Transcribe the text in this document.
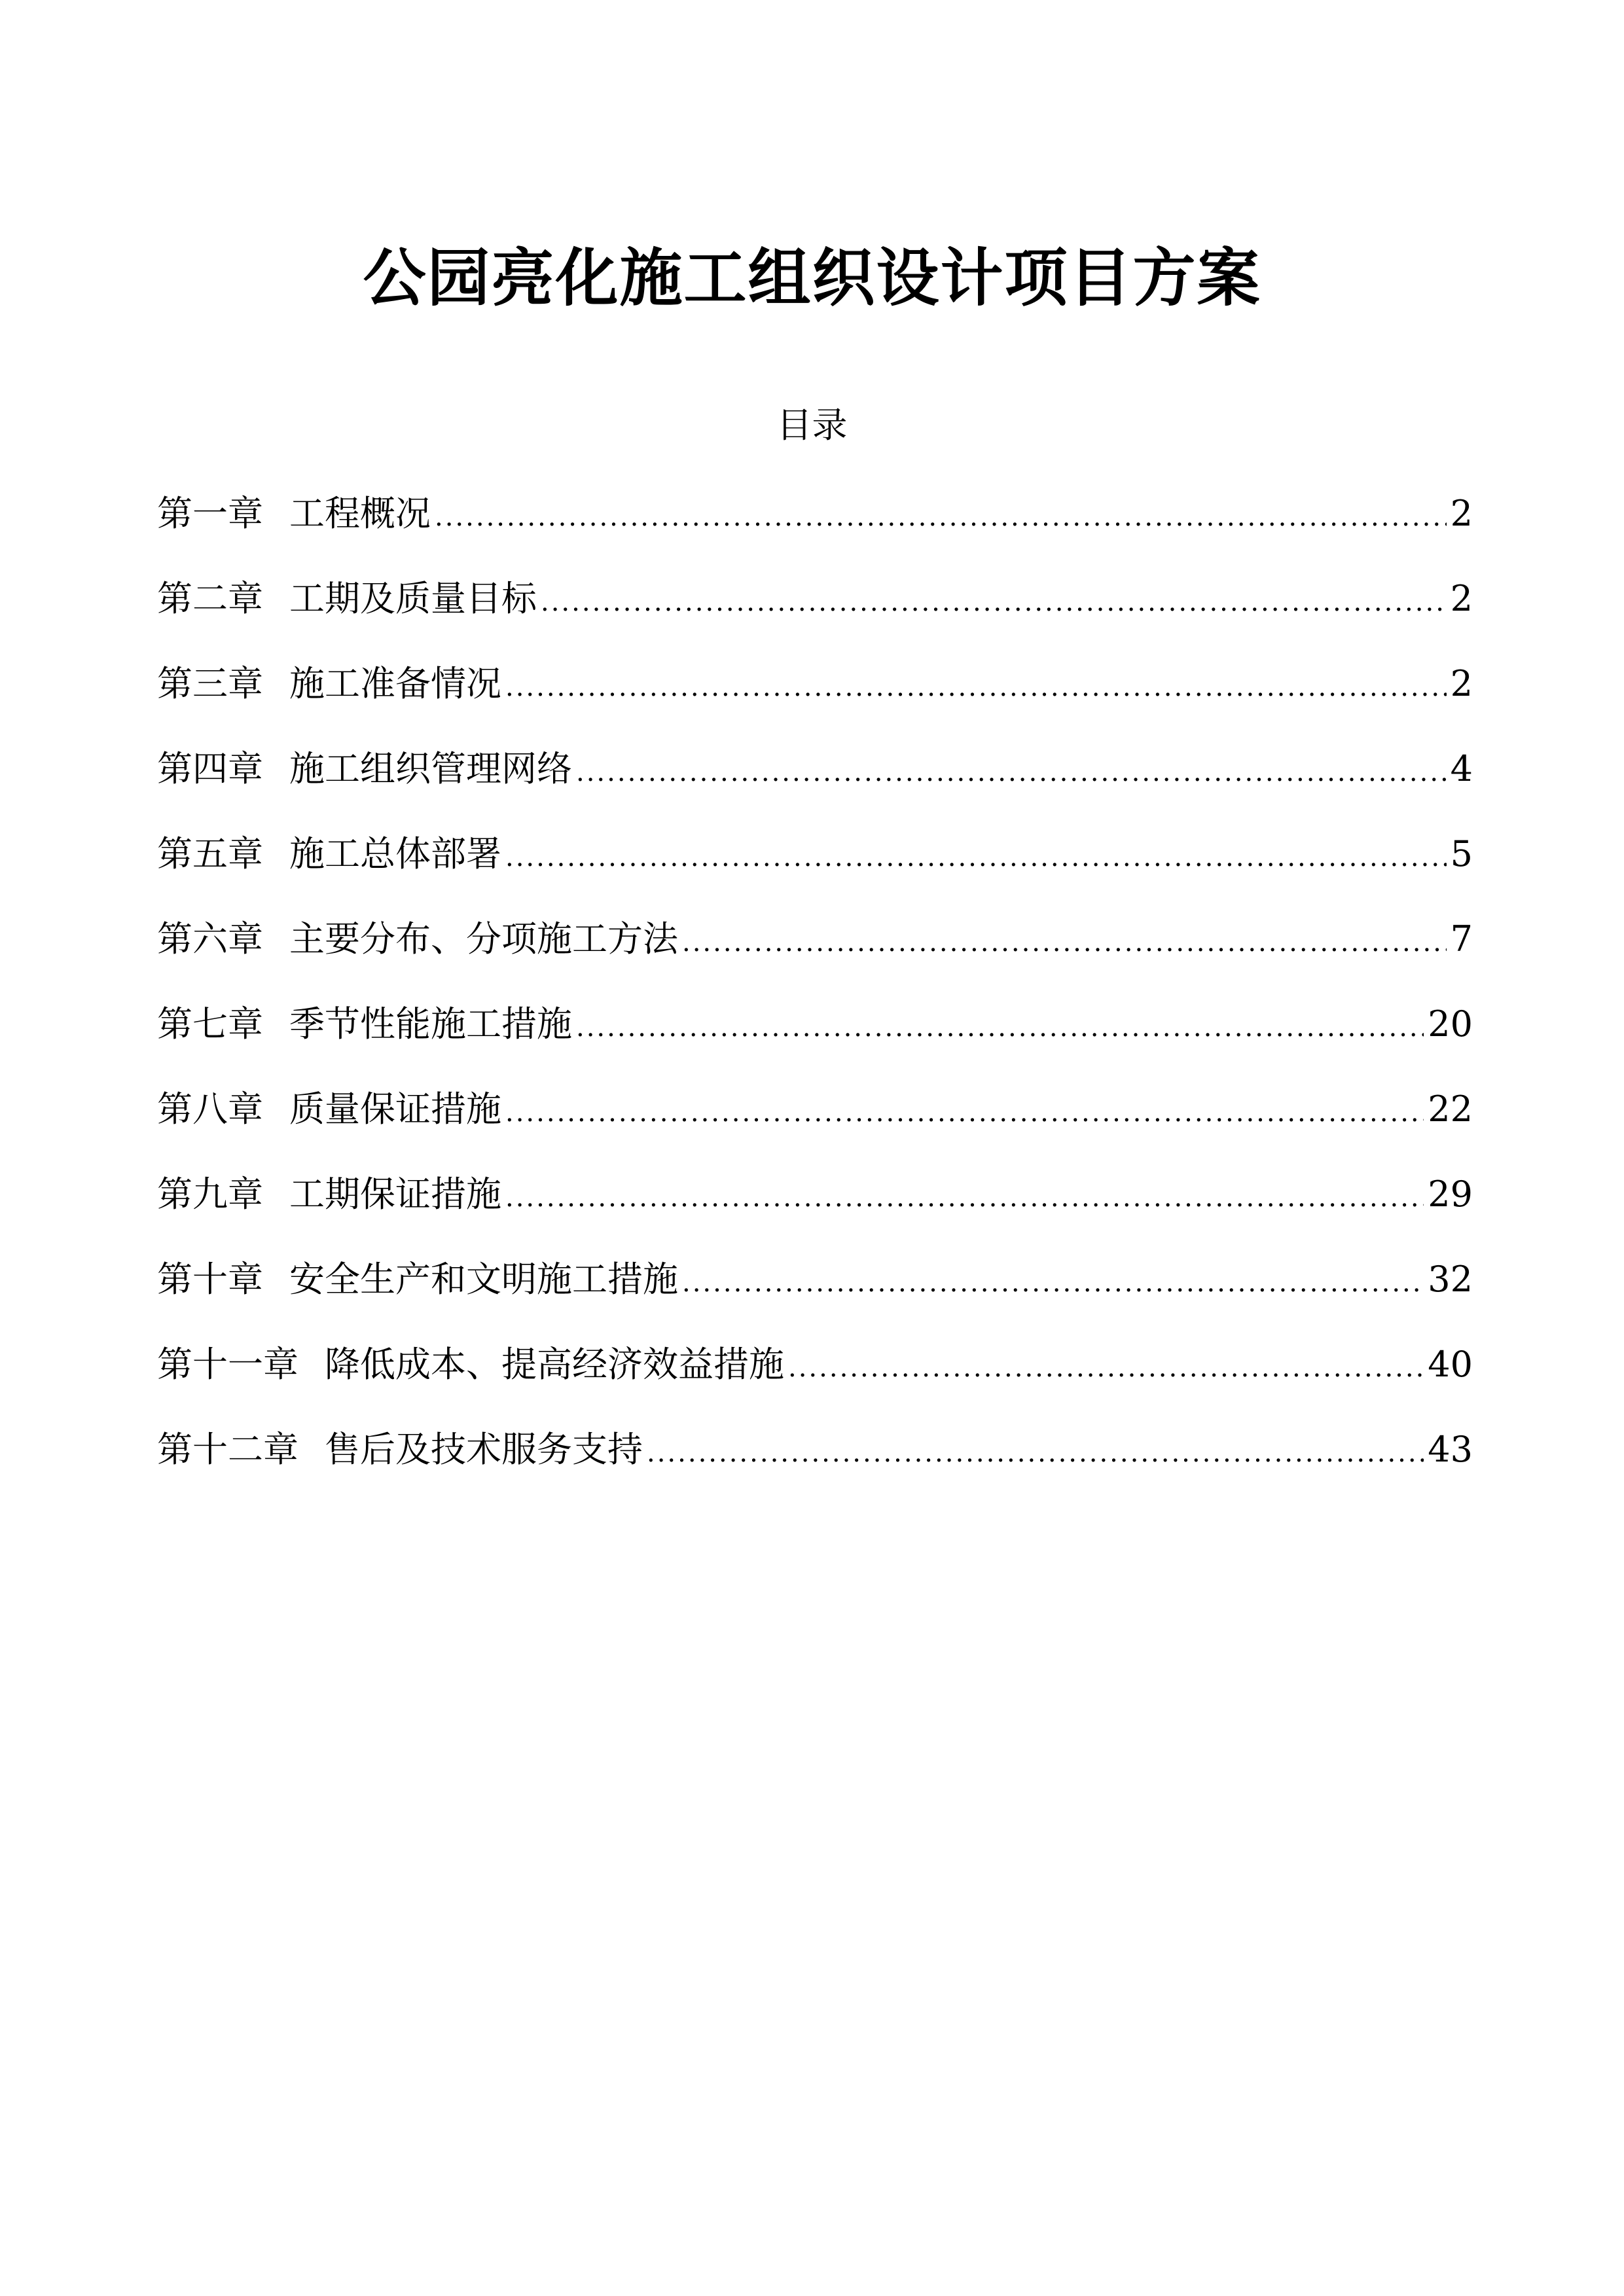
公园亮化施工组织设计项目方案
目录
第一章 工程概况 .....	2
第二章 工期及质量目标 .....	2
第三章 施工准备情况 .....	2
第四章 施工组织管理网络 .....	4
第五章 施工总体部署 .....	5
第六章 主要分布、分项施工方法 .....	7
第七章 季节性能施工措施 .....	20
第八章 质量保证措施 .....	22
第九章 工期保证措施 .....	29
第十章 安全生产和文明施工措施 .....	32
第十一章 降低成本、提高经济效益措施 .....	40
第十二章 售后及技术服务支持 .....	43
